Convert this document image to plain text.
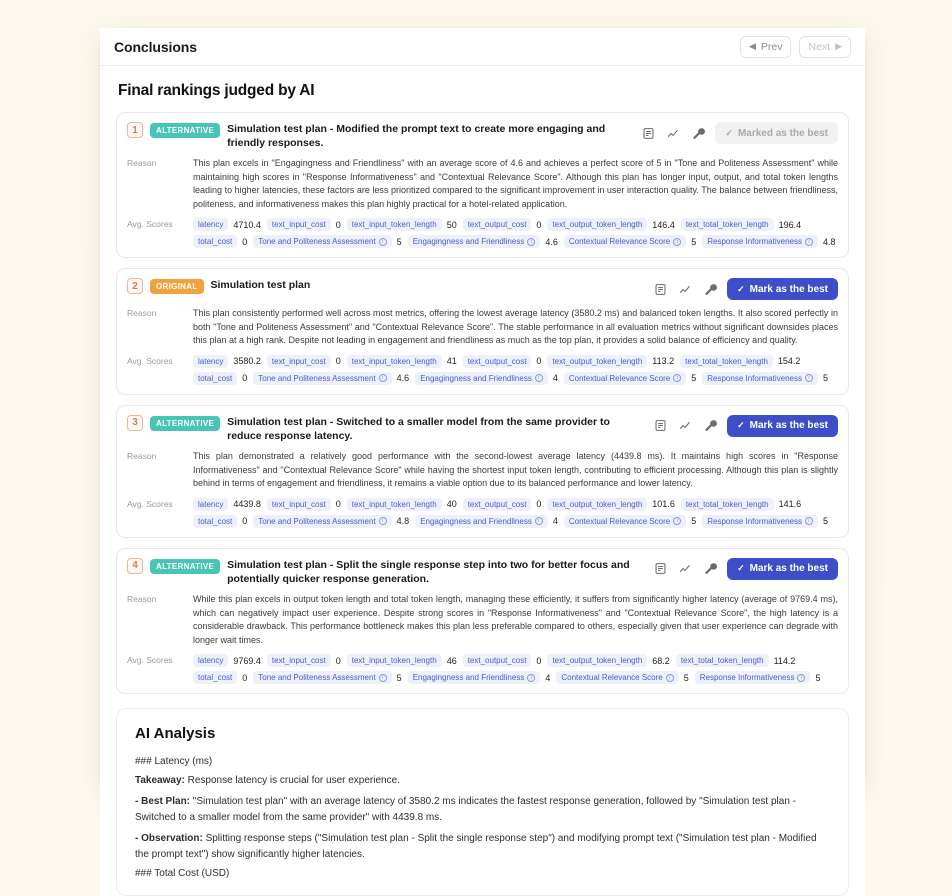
Conclusions	◀ Prev Next ▶
Final rankings judged by AI
1	ALTERNATIVE	Simulation test plan - Modified the prompt text to create more engaging and friendly responses.
✓ Marked as the best
Reason	This plan excels in "Engagingness and Friendliness" with an average score of 4.6 and achieves a perfect score of 5 in "Tone and Politeness Assessment" while maintaining high scores in "Response Informativeness" and "Contextual Relevance Score". Although this plan has longer input, output, and total token lengths leading to higher latencies, these factors are less prioritized compared to the significant improvement in user interaction quality. The balance between friendliness, politeness, and informativeness makes this plan highly practical for a hotel-related application.
Avg. Scores	latency	4710.4	text_input_cost	0	text_input_token_length	50	text_output_cost	0	text_output_token_length	146.4	text_total_token_length	196.4
total_cost	0	Tone and Politeness Assessment	i	5	Engagingness and Friendliness	i	4.6	Contextual Relevance Score	i	5	Response Informativeness	i	4.8
2	ORIGINAL	Simulation test plan	✓ Mark as the best
Reason	This plan consistently performed well across most metrics, offering the lowest average latency (3580.2 ms) and balanced token lengths. It also scored perfectly in both "Tone and Politeness Assessment" and "Contextual Relevance Score". The stable performance in all evaluation metrics without significant downsides places this plan at a high rank. Despite not leading in engagement and friendliness as much as the top plan, it provides a solid balance of efficiency and quality.
Avg. Scores	latency	3580.2	text_input_cost	0	text_input_token_length	41	text_output_cost	0	text_output_token_length	113.2	text_total_token_length	154.2
total_cost	0	Tone and Politeness Assessment	i	4.6	Engagingness and Friendliness	i	4	Contextual Relevance Score	i	5	Response Informativeness	i	5
3	ALTERNATIVE	Simulation test plan - Switched to a smaller model from the same provider to reduce response latency.
✓ Mark as the best
Reason	This plan demonstrated a relatively good performance with the second-lowest average latency (4439.8 ms). It maintains high scores in "Response Informativeness" and "Contextual Relevance Score" while having the shortest input token length, contributing to efficient processing. Although this plan is slightly behind in terms of engagement and friendliness, it remains a viable option due to its balanced performance and lower latency.
Avg. Scores	latency	4439.8	text_input_cost	0	text_input_token_length	40	text_output_cost	0	text_output_token_length	101.6	text_total_token_length	141.6
total_cost	0	Tone and Politeness Assessment	i	4.8	Engagingness and Friendliness	i	4	Contextual Relevance Score	i	5	Response Informativeness	i	5
4	ALTERNATIVE	Simulation test plan - Split the single response step into two for better focus and potentially quicker response generation.
✓ Mark as the best
Reason	While this plan excels in output token length and total token length, managing these efficiently, it suffers from significantly higher latency (average of 9769.4 ms), which can negatively impact user experience. Despite strong scores in "Response Informativeness" and "Contextual Relevance Score", the high latency is a considerable drawback. This performance bottleneck makes this plan less preferable compared to others, especially given that user experience can degrade with longer wait times.
Avg. Scores	latency	9769.4	text_input_cost	0	text_input_token_length	46	text_output_cost	0	text_output_token_length	68.2	text_total_token_length	114.2
total_cost	0	Tone and Politeness Assessment	i	5	Engagingness and Friendliness	i	4	Contextual Relevance Score	i	5	Response Informativeness	i	5
AI Analysis
### Latency (ms)
Takeaway: Response latency is crucial for user experience.
- Best Plan: "Simulation test plan" with an average latency of 3580.2 ms indicates the fastest response generation, followed by "Simulation test plan - Switched to a smaller model from the same provider" with 4439.8 ms.
- Observation: Splitting response steps ("Simulation test plan - Split the single response step") and modifying prompt text ("Simulation test plan - Modified the prompt text") show significantly higher latencies.
### Total Cost (USD)
